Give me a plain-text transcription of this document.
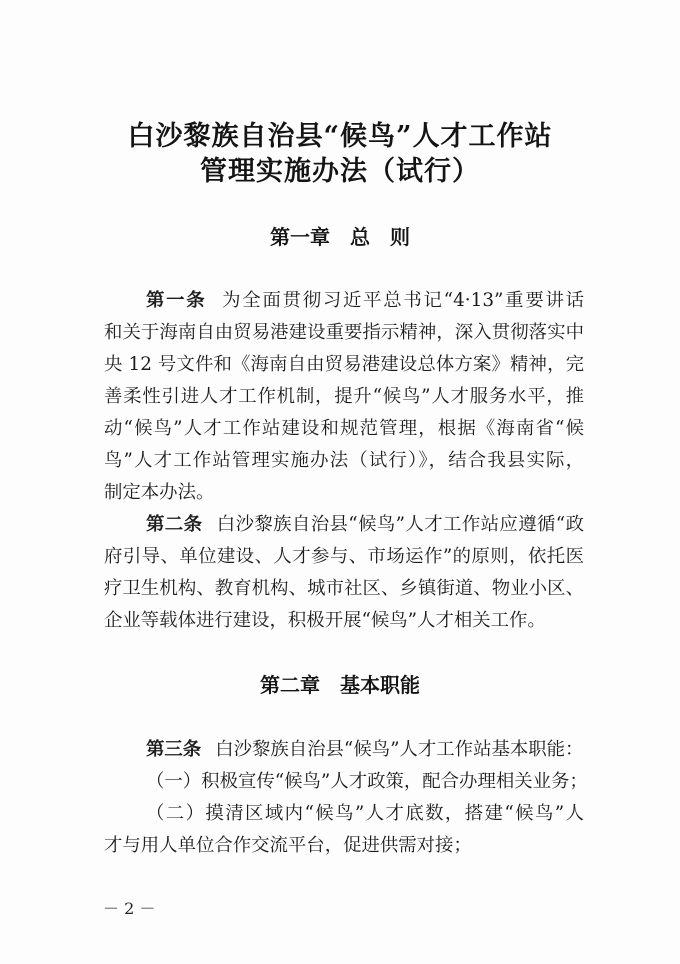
白沙黎族自治县“候鸟”人才工作站
管理实施办法（试行）
第一章 总 则
第一条 为全面贯彻习近平总书记“4·13”重要讲话
和关于海南自由贸易港建设重要指示精神，深入贯彻落实中
央 12 号文件和《海南自由贸易港建设总体方案》精神，完
善柔性引进人才工作机制，提升“候鸟”人才服务水平，推
动“候鸟”人才工作站建设和规范管理，根据《海南省“候
鸟”人才工作站管理实施办法（试行）》，结合我县实际，
制定本办法。
第二条 白沙黎族自治县“候鸟”人才工作站应遵循“政
府引导、单位建设、人才参与、市场运作”的原则，依托医
疗卫生机构、教育机构、城市社区、乡镇街道、物业小区、
企业等载体进行建设，积极开展“候鸟”人才相关工作。
第二章 基本职能
第三条 白沙黎族自治县“候鸟”人才工作站基本职能：
（一）积极宣传“候鸟”人才政策，配合办理相关业务；
（二）摸清区域内“候鸟”人才底数，搭建“候鸟”人
才与用人单位合作交流平台，促进供需对接；
－ 2 －
